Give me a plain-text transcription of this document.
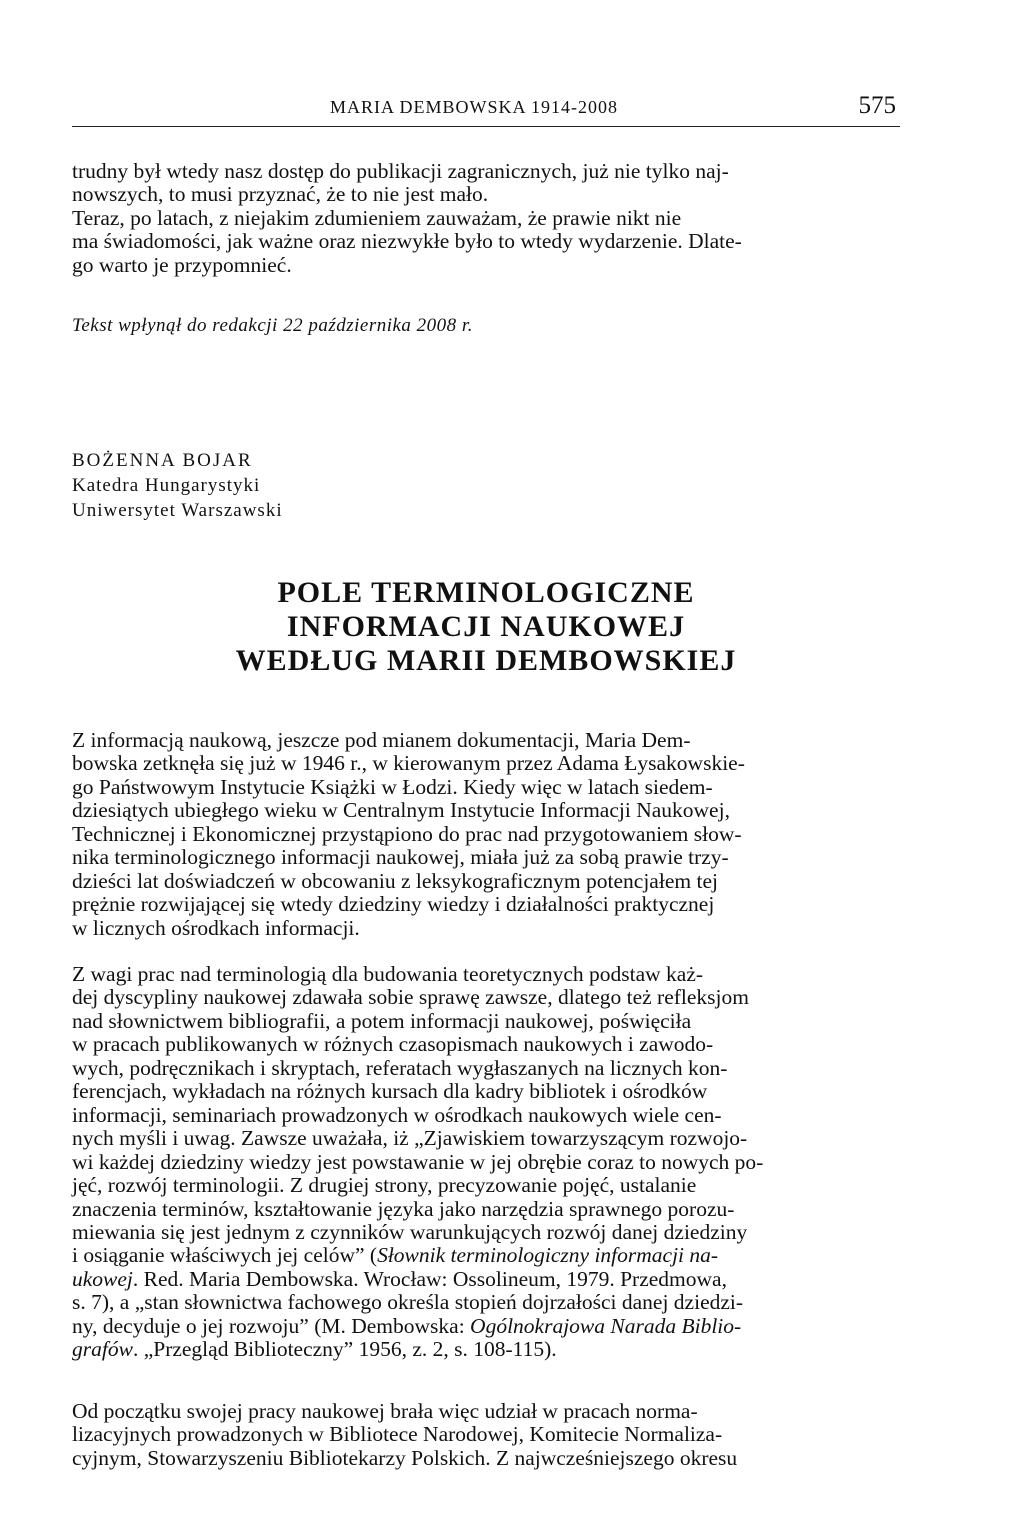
MARIA DEMBOWSKA 1914-2008	575

trudny był wtedy nasz dostęp do publikacji zagranicznych, już nie tylko naj-
nowszych, to musi przyznać, że to nie jest mało.
Teraz, po latach, z niejakim zdumieniem zauważam, że prawie nikt nie
ma świadomości, jak ważne oraz niezwykłe było to wtedy wydarzenie. Dlate-
go warto je przypomnieć.

Tekst wpłynął do redakcji 22 października 2008 r.
BOŻENNA BOJAR
Katedra Hungarystyki
Uniwersytet Warszawski
POLE TERMINOLOGICZNE
INFORMACJI NAUKOWEJ
WEDŁUG MARII DEMBOWSKIEJ

Z informacją naukową, jeszcze pod mianem dokumentacji, Maria Dem-
bowska zetknęła się już w 1946 r., w kierowanym przez Adama Łysakowskie-
go Państwowym Instytucie Książki w Łodzi. Kiedy więc w latach siedem-
dziesiątych ubiegłego wieku w Centralnym Instytucie Informacji Naukowej,
Technicznej i Ekonomicznej przystąpiono do prac nad przygotowaniem słow-
nika terminologicznego informacji naukowej, miała już za sobą prawie trzy-
dzieści lat doświadczeń w obcowaniu z leksykograficznym potencjałem tej
prężnie rozwijającej się wtedy dziedziny wiedzy i działalności praktycznej
w licznych ośrodkach informacji.

Z wagi prac nad terminologią dla budowania teoretycznych podstaw każ-
dej dyscypliny naukowej zdawała sobie sprawę zawsze, dlatego też refleksjom
nad słownictwem bibliografii, a potem informacji naukowej, poświęciła
w pracach publikowanych w różnych czasopismach naukowych i zawodo-
wych, podręcznikach i skryptach, referatach wygłaszanych na licznych kon-
ferencjach, wykładach na różnych kursach dla kadry bibliotek i ośrodków
informacji, seminariach prowadzonych w ośrodkach naukowych wiele cen-
nych myśli i uwag. Zawsze uważała, iż „Zjawiskiem towarzyszącym rozwojo-
wi każdej dziedziny wiedzy jest powstawanie w jej obrębie coraz to nowych po-
jęć, rozwój terminologii. Z drugiej strony, precyzowanie pojęć, ustalanie
znaczenia terminów, kształtowanie języka jako narzędzia sprawnego porozu-
miewania się jest jednym z czynników warunkujących rozwój danej dziedziny
i osiąganie właściwych jej celów” (Słownik terminologiczny informacji na-
ukowej. Red. Maria Dembowska. Wrocław: Ossolineum, 1979. Przedmowa,
s. 7), a „stan słownictwa fachowego określa stopień dojrzałości danej dziedzi-
ny, decyduje o jej rozwoju” (M. Dembowska: Ogólnokrajowa Narada Biblio-
grafów. „Przegląd Biblioteczny” 1956, z. 2, s. 108-115).

Od początku swojej pracy naukowej brała więc udział w pracach norma-
lizacyjnych prowadzonych w Bibliotece Narodowej, Komitecie Normaliza-
cyjnym, Stowarzyszeniu Bibliotekarzy Polskich. Z najwcześniejszego okresu
